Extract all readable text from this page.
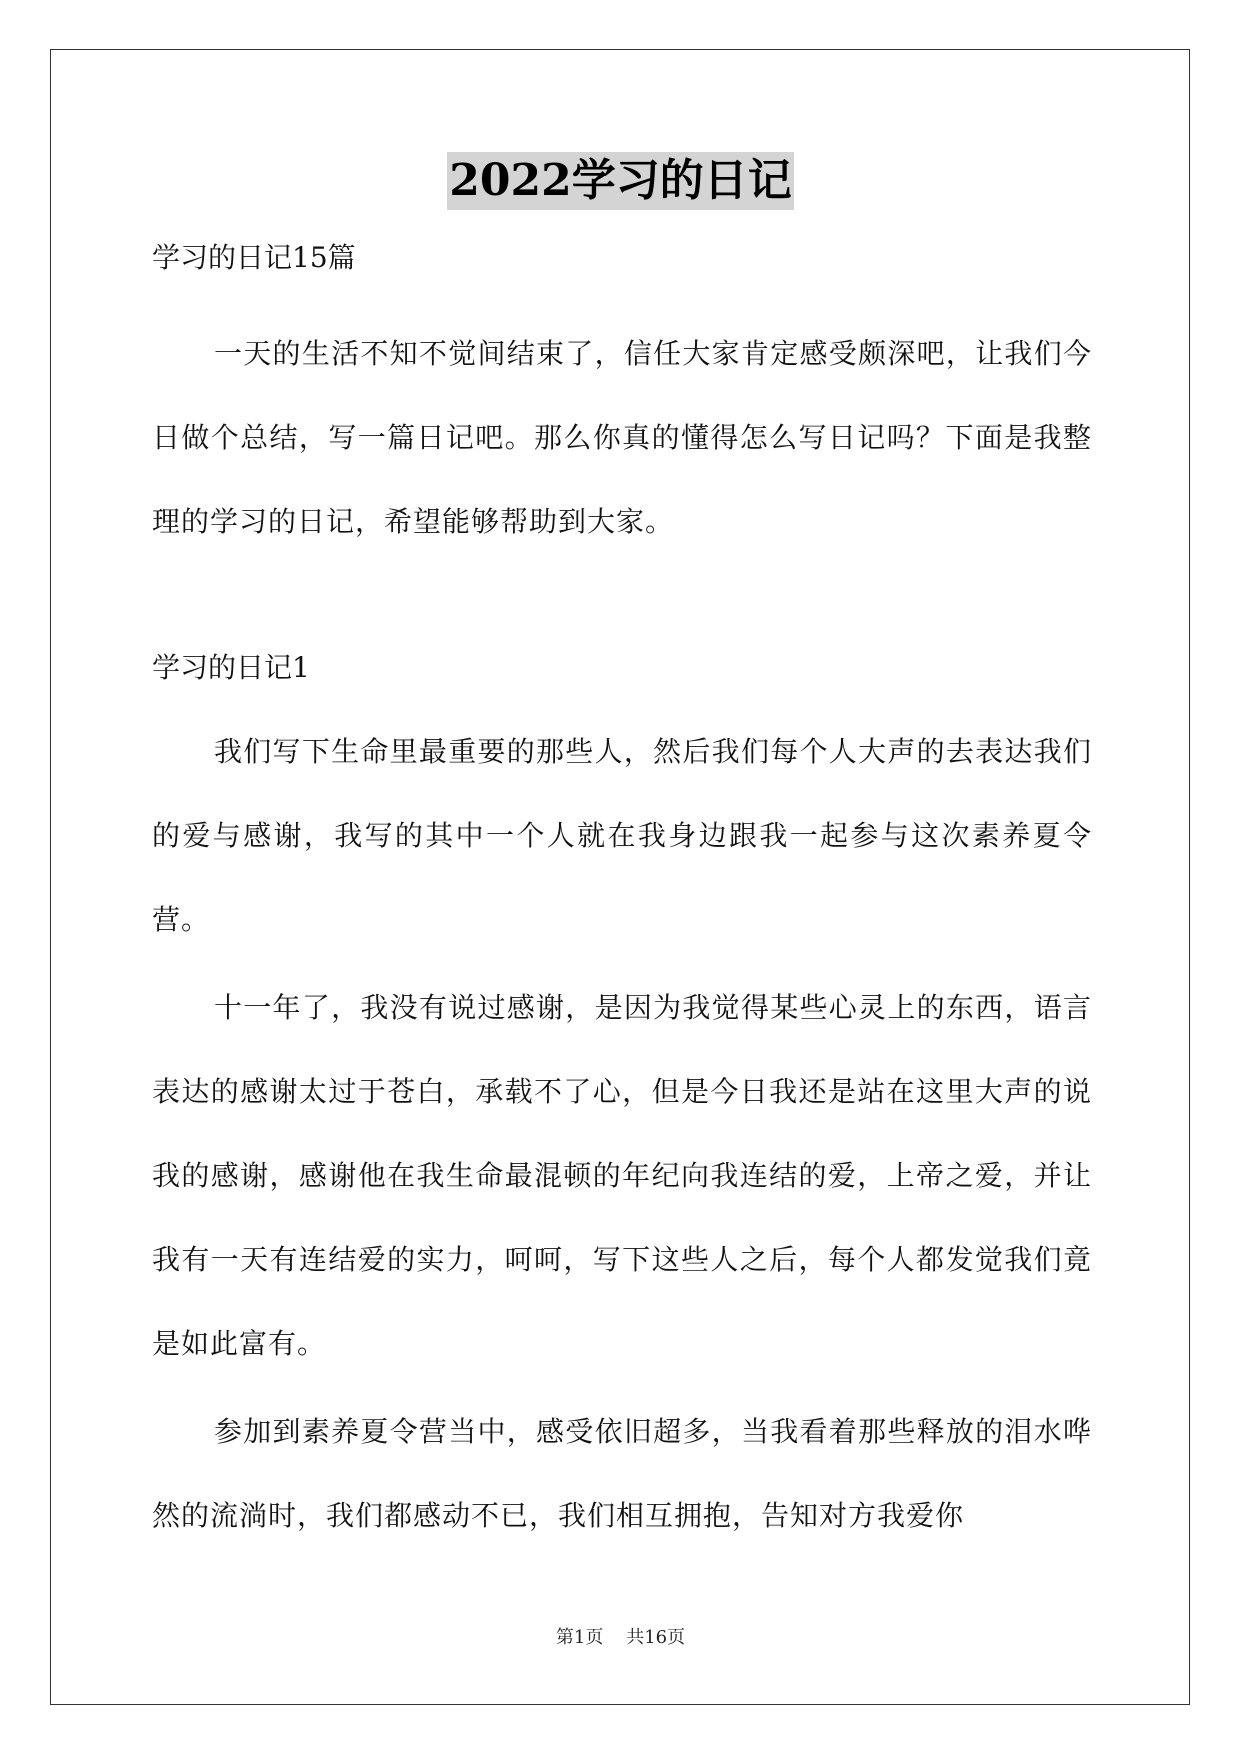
2022学习的日记

学习的日记15篇

一天的生活不知不觉间结束了，信任大家肯定感受颇深吧，让我们今日做个总结，写一篇日记吧。那么你真的懂得怎么写日记吗？下面是我整理的学习的日记，希望能够帮助到大家。

学习的日记1

我们写下生命里最重要的那些人，然后我们每个人大声的去表达我们的爱与感谢，我写的其中一个人就在我身边跟我一起参与这次素养夏令营。

十一年了，我没有说过感谢，是因为我觉得某些心灵上的东西，语言表达的感谢太过于苍白，承载不了心，但是今日我还是站在这里大声的说我的感谢，感谢他在我生命最混顿的年纪向我连结的爱，上帝之爱，并让我有一天有连结爱的实力，呵呵，写下这些人之后，每个人都发觉我们竟是如此富有。

参加到素养夏令营当中，感受依旧超多，当我看着那些释放的泪水哗然的流淌时，我们都感动不已，我们相互拥抱，告知对方我爱你

第1页 共16页
